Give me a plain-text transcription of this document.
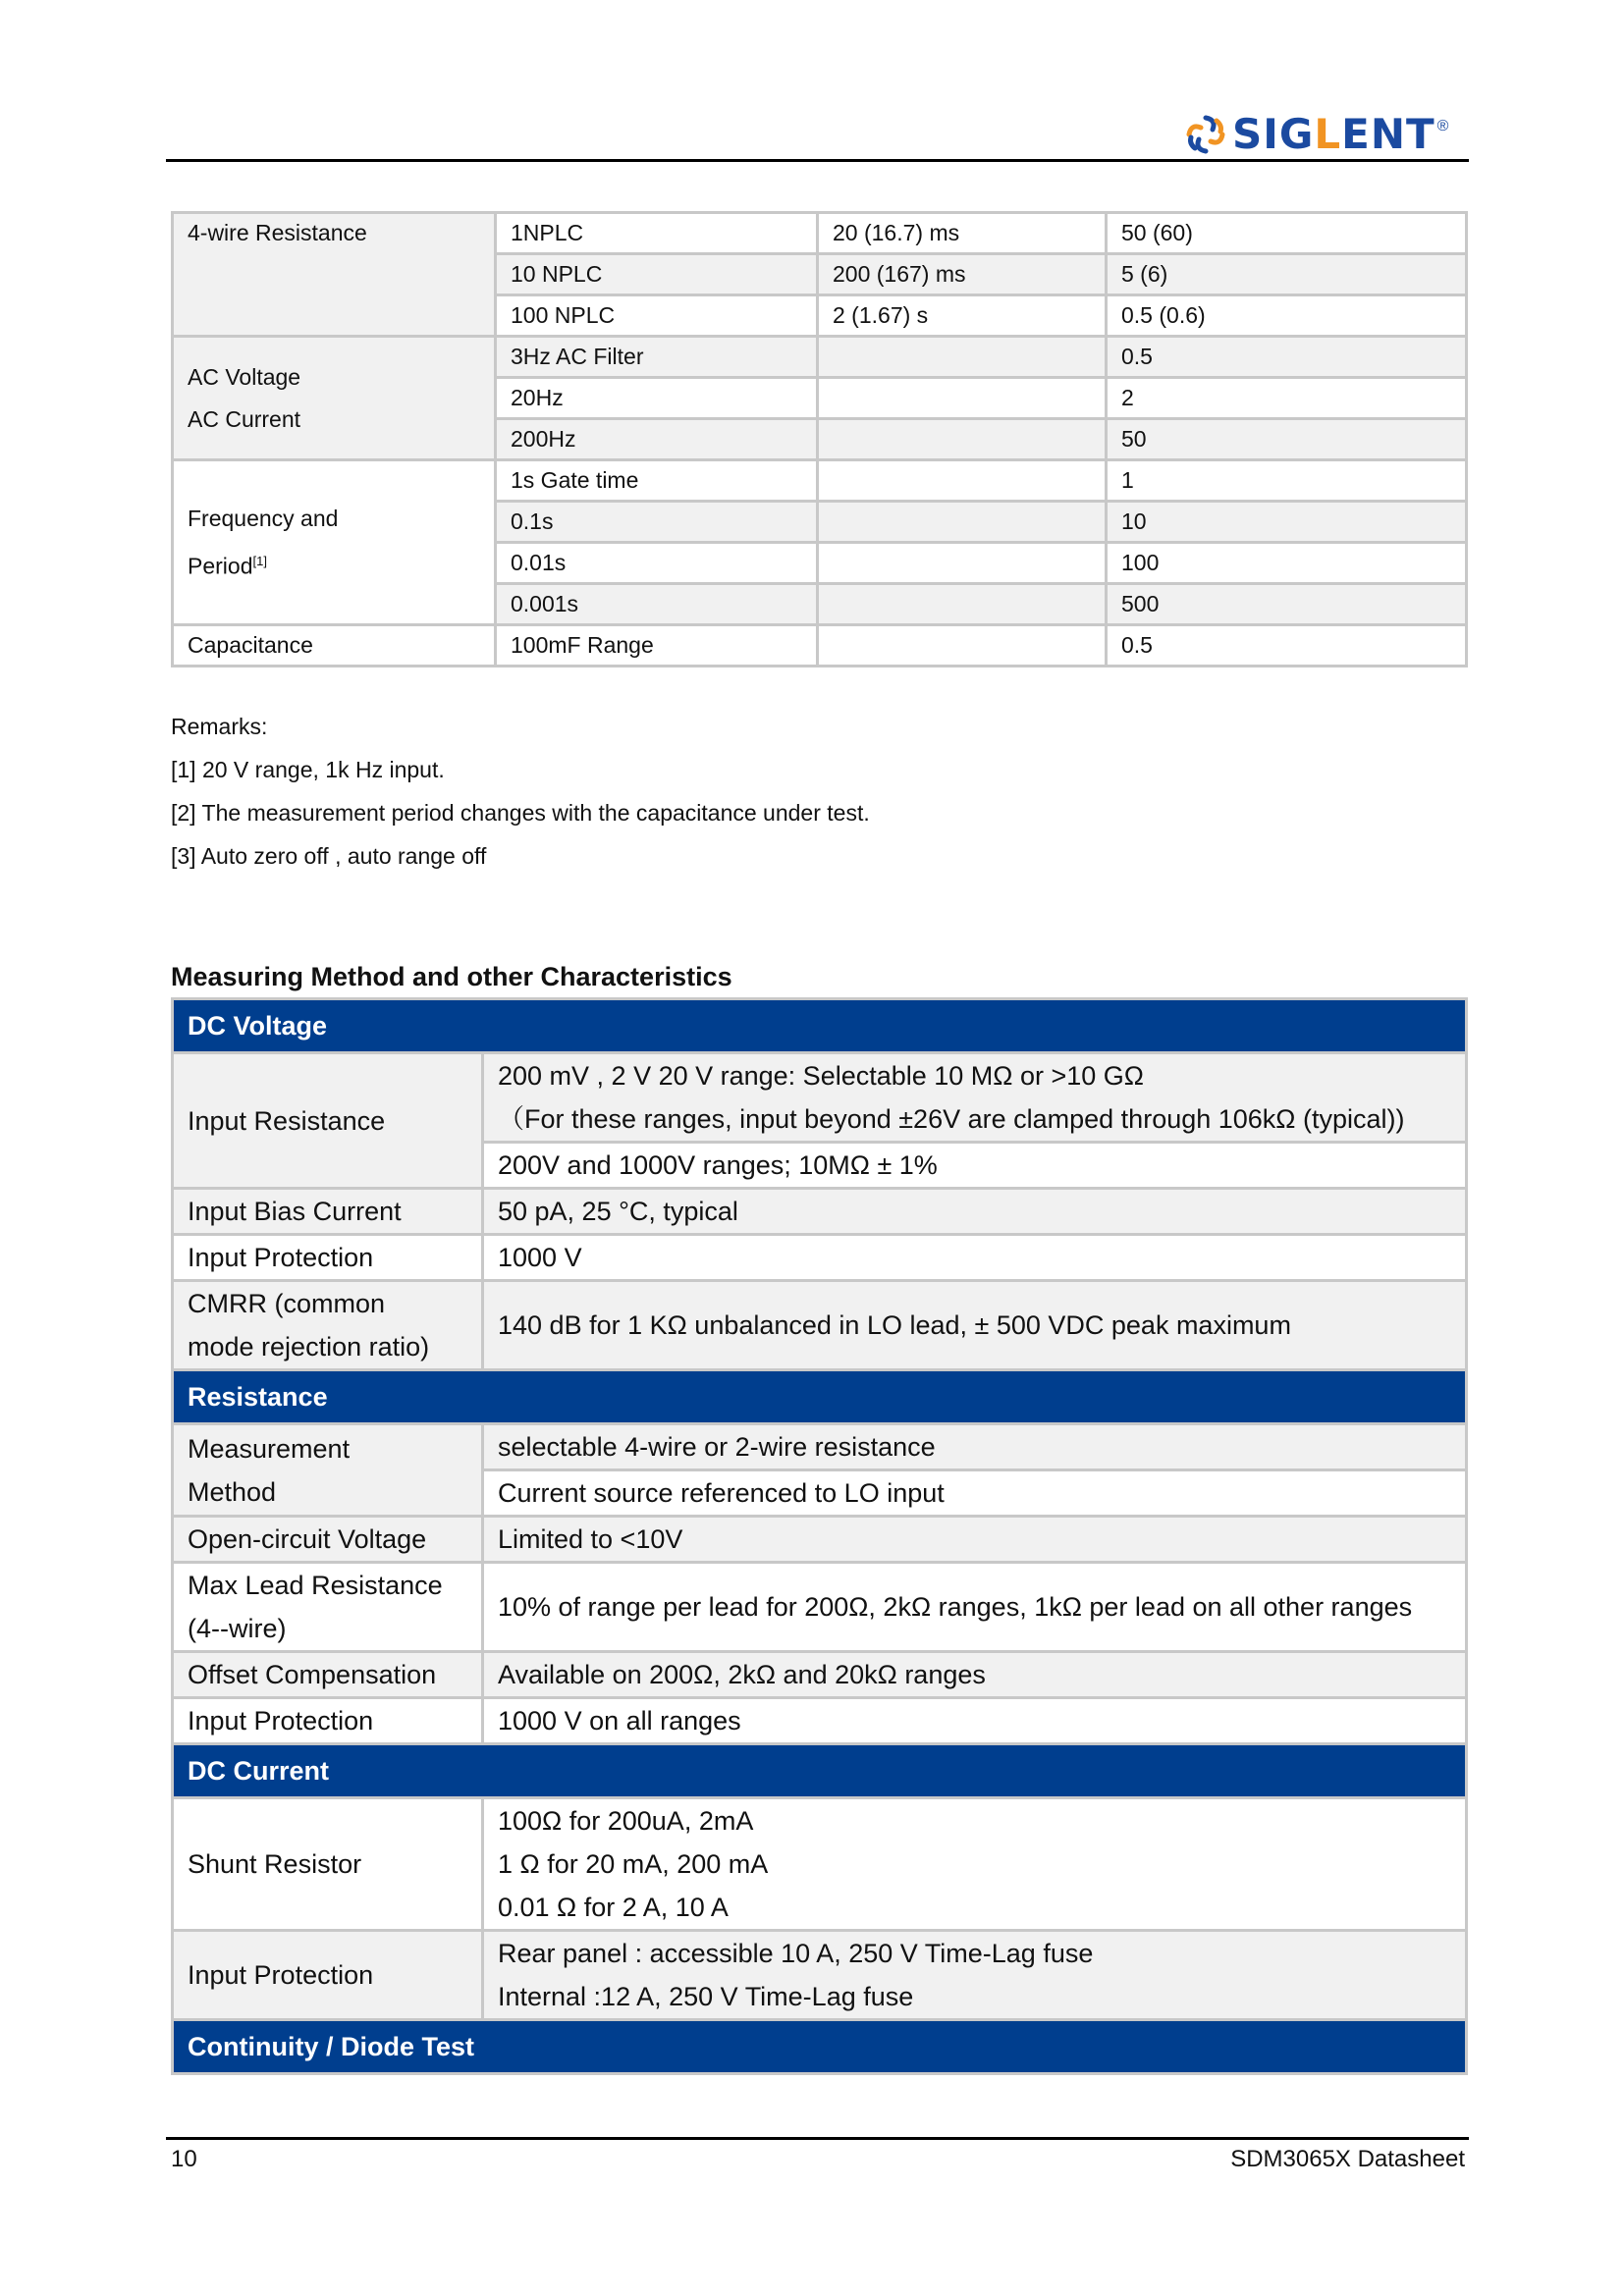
SIGLENT ®
4-wire Resistance	1NPLC	20 (16.7) ms	50 (60)
	10 NPLC	200 (167) ms	5 (6)
	100 NPLC	2 (1.67) s	0.5 (0.6)

AC Voltage
AC Current	3Hz AC Filter		0.5
	20Hz		2
	200Hz		50

Frequency and
Period[1]	1s Gate time		1
	0.1s		10
	0.01s		100
	0.001s		500
Capacitance	100mF Range		0.5
Remarks:
[1] 20 V range, 1k Hz input.
[2] The measurement period changes with the capacitance under test.
[3] Auto zero off , auto range off
Measuring Method and other Characteristics
DC Voltage	
Input Resistance	200 mV , 2 V 20 V range: Selectable 10 MΩ or >10 GΩ
（For these ranges, input beyond ±26V are clamped through 106kΩ (typical))

	200V and 1000V ranges; 10MΩ ± 1%
Input Bias Current	50 pA, 25 °C, typical
Input Protection	1000 V

CMRR (common
mode rejection ratio)	140 dB for 1 KΩ unbalanced in LO lead, ± 500 VDC peak maximum
Resistance	

Measurement
Method	selectable 4-wire or 2-wire resistance
	Current source referenced to LO input
Open-circuit Voltage	Limited to <10V

Max Lead Resistance
(4--wire)	10% of range per lead for 200Ω, 2kΩ ranges, 1kΩ per lead on all other ranges
Offset Compensation	Available on 200Ω, 2kΩ and 20kΩ ranges
Input Protection	1000 V on all ranges
DC Current	
Shunt Resistor	100Ω for 200uA, 2mA
1 Ω for 20 mA, 200 mA
0.01 Ω for 2 A, 10 A

Input Protection	Rear panel : accessible 10 A, 250 V Time-Lag fuse
Internal :12 A, 250 V Time-Lag fuse

Continuity / Diode Test	
10	SDM3065X Datasheet
